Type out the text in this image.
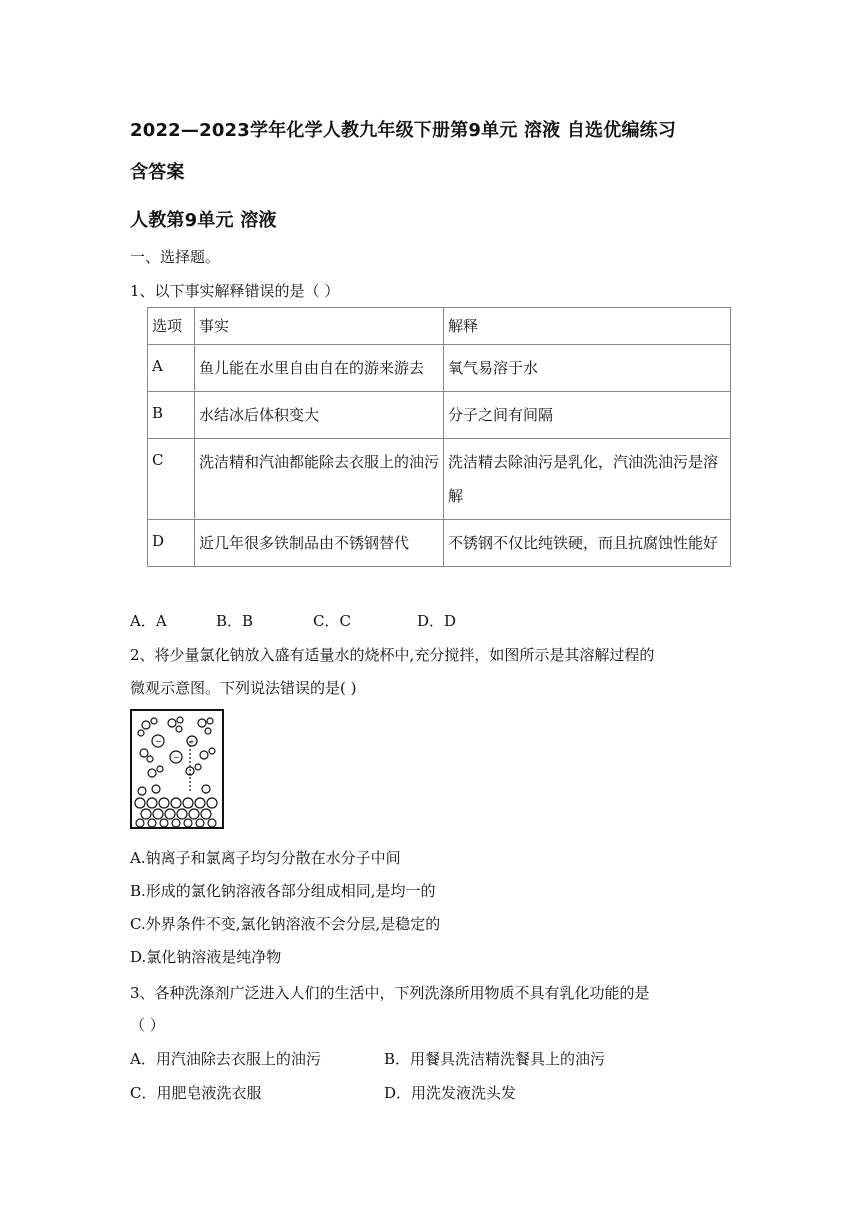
2022—2023学年化学人教九年级下册第9单元 溶液 自选优编练习
含答案
人教第9单元 溶液
一、选择题。
1、以下事实解释错误的是（ ）
选项	事实	解释
A	鱼儿能在水里自由自在的游来游去	氧气易溶于水
B	水结冰后体积变大	分子之间有间隔
C	洗洁精和汽油都能除去衣服上的油污	洗洁精去除油污是乳化，汽油洗油污是溶解
D	近几年很多铁制品由不锈钢替代	不锈钢不仅比纯铁硬，而且抗腐蚀性能好
A．A	B．B	C．C	D．D
2、将少量氯化钠放入盛有适量水的烧杯中,充分搅拌，如图所示是其溶解过程的
微观示意图。下列说法错误的是( )
−	+
−
A.钠离子和氯离子均匀分散在水分子中间
B.形成的氯化钠溶液各部分组成相同,是均一的
C.外界条件不变,氯化钠溶液不会分层,是稳定的
D.氯化钠溶液是纯净物
3、各种洗涤剂广泛进入人们的生活中，下列洗涤所用物质不具有乳化功能的是
（ ）
A．用汽油除去衣服上的油污	B．用餐具洗洁精洗餐具上的油污
C．用肥皂液洗衣服	D．用洗发液洗头发
